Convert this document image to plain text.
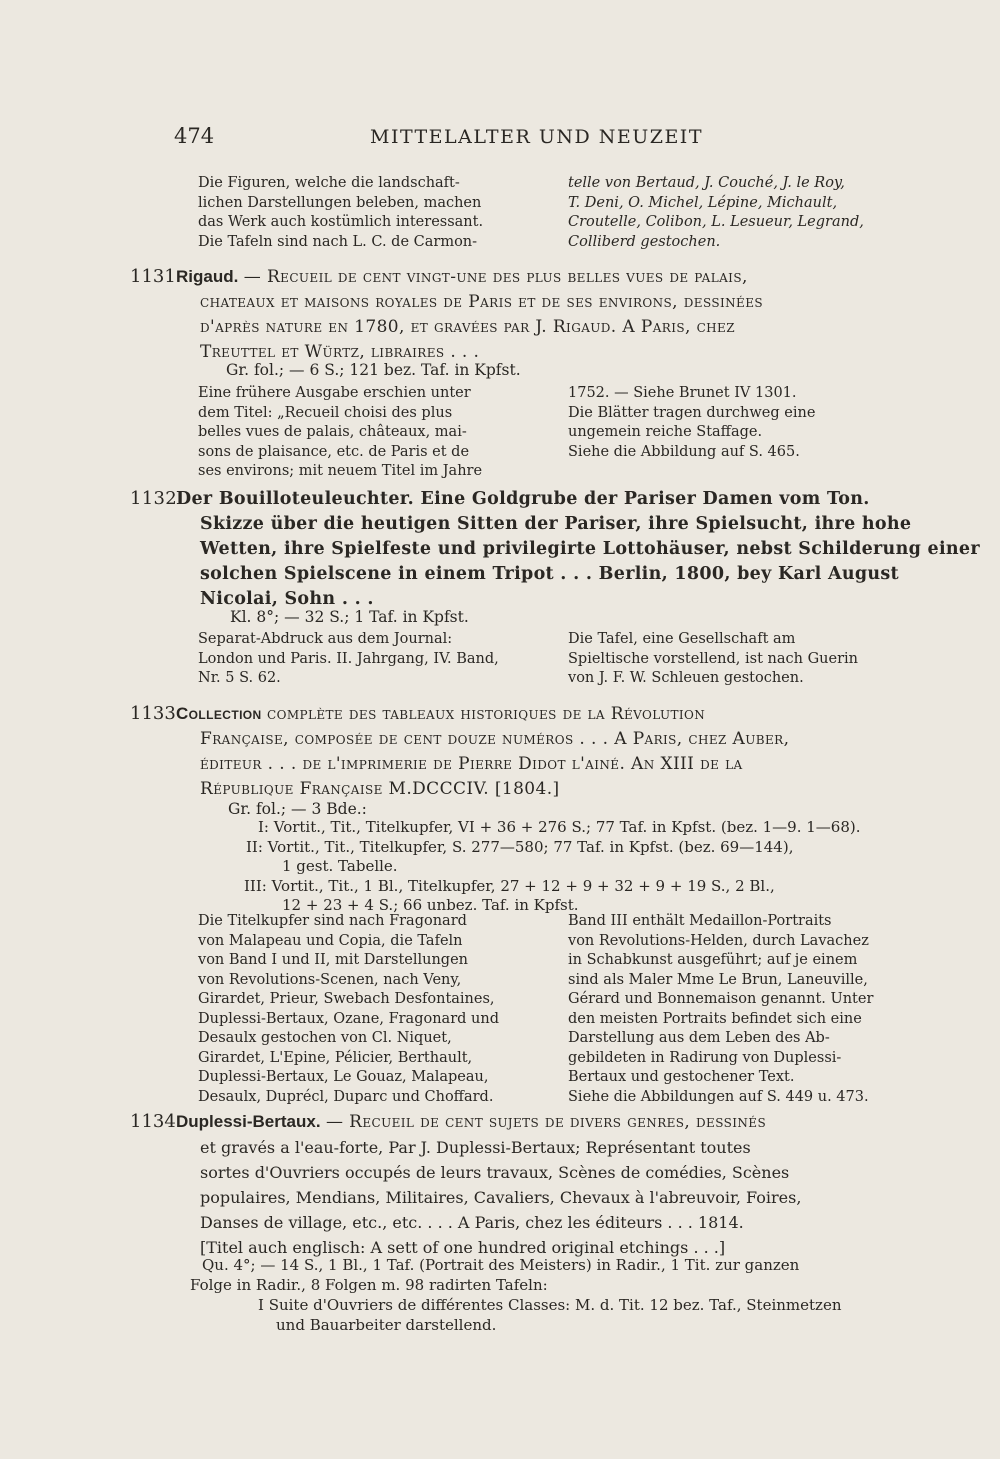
474	MITTELALTER UND NEUZEIT
Die Figuren, welche die landschaft-
lichen Darstellungen beleben, machen
das Werk auch kostümlich interessant.
Die Tafeln sind nach L. C. de Carmon-
telle von Bertaud, J. Couché, J. le Roy,
T. Deni, O. Michel, Lépine, Michault,
Croutelle, Colibon, L. Lesueur, Legrand,
Colliberd gestochen.
1131Rigaud. — Recueil de cent vingt-une des plus belles vues de palais,
chateaux et maisons royales de Paris et de ses environs, dessinées
d'après nature en 1780, et gravées par J. Rigaud. A Paris, chez
Treuttel et Würtz, libraires . . .
Gr. fol.; — 6 S.; 121 bez. Taf. in Kpfst.
Eine frühere Ausgabe erschien unter
dem Titel: „Recueil choisi des plus
belles vues de palais, châteaux, mai-
sons de plaisance, etc. de Paris et de
ses environs; mit neuem Titel im Jahre
1752. — Siehe Brunet IV 1301.
Die Blätter tragen durchweg eine
ungemein reiche Staffage.
Siehe die Abbildung auf S. 465.
1132Der Bouilloteuleuchter. Eine Goldgrube der Pariser Damen vom Ton.
Skizze über die heutigen Sitten der Pariser, ihre Spielsucht, ihre hohe
Wetten, ihre Spielfeste und privilegirte Lottohäuser, nebst Schilderung einer
solchen Spielscene in einem Tripot . . . Berlin, 1800, bey Karl August
Nicolai, Sohn . . .
Kl. 8°; — 32 S.; 1 Taf. in Kpfst.
Separat-Abdruck aus dem Journal:
London und Paris. II. Jahrgang, IV. Band,
Nr. 5 S. 62.
Die Tafel, eine Gesellschaft am
Spieltische vorstellend, ist nach Guerin
von J. F. W. Schleuen gestochen.
1133Collection complète des tableaux historiques de la Révolution
Française, composée de cent douze numéros . . . A Paris, chez Auber,
éditeur . . . de l'imprimerie de Pierre Didot l'ainé. An XIII de la
République Française M.DCCCIV. [1804.]
Gr. fol.; — 3 Bde.:
I: Vortit., Tit., Titelkupfer, VI + 36 + 276 S.; 77 Taf. in Kpfst. (bez. 1—9. 1—68).
II: Vortit., Tit., Titelkupfer, S. 277—580; 77 Taf. in Kpfst. (bez. 69—144),
1 gest. Tabelle.
III: Vortit., Tit., 1 Bl., Titelkupfer, 27 + 12 + 9 + 32 + 9 + 19 S., 2 Bl.,
12 + 23 + 4 S.; 66 unbez. Taf. in Kpfst.
Die Titelkupfer sind nach Fragonard
von Malapeau und Copia, die Tafeln
von Band I und II, mit Darstellungen
von Revolutions-Scenen, nach Veny,
Girardet, Prieur, Swebach Desfontaines,
Duplessi-Bertaux, Ozane, Fragonard und
Desaulx gestochen von Cl. Niquet,
Girardet, L'Epine, Pélicier, Berthault,
Duplessi-Bertaux, Le Gouaz, Malapeau,
Desaulx, Duprécl, Duparc und Choffard.
Band III enthält Medaillon-Portraits
von Revolutions-Helden, durch Lavachez
in Schabkunst ausgeführt; auf je einem
sind als Maler Mme Le Brun, Laneuville,
Gérard und Bonnemaison genannt. Unter
den meisten Portraits befindet sich eine
Darstellung aus dem Leben des Ab-
gebildeten in Radirung von Duplessi-
Bertaux und gestochener Text.
Siehe die Abbildungen auf S. 449 u. 473.
1134Duplessi-Bertaux. — Recueil de cent sujets de divers genres, dessinés
et gravés a l'eau-forte, Par J. Duplessi-Bertaux; Représentant toutes
sortes d'Ouvriers occupés de leurs travaux, Scènes de comédies, Scènes
populaires, Mendians, Militaires, Cavaliers, Chevaux à l'abreuvoir, Foires,
Danses de village, etc., etc. . . . A Paris, chez les éditeurs . . . 1814.
[Titel auch englisch: A sett of one hundred original etchings . . .]
Qu. 4°; — 14 S., 1 Bl., 1 Taf. (Portrait des Meisters) in Radir., 1 Tit. zur ganzen
Folge in Radir., 8 Folgen m. 98 radirten Tafeln:
I Suite d'Ouvriers de différentes Classes: M. d. Tit. 12 bez. Taf., Steinmetzen
und Bauarbeiter darstellend.
